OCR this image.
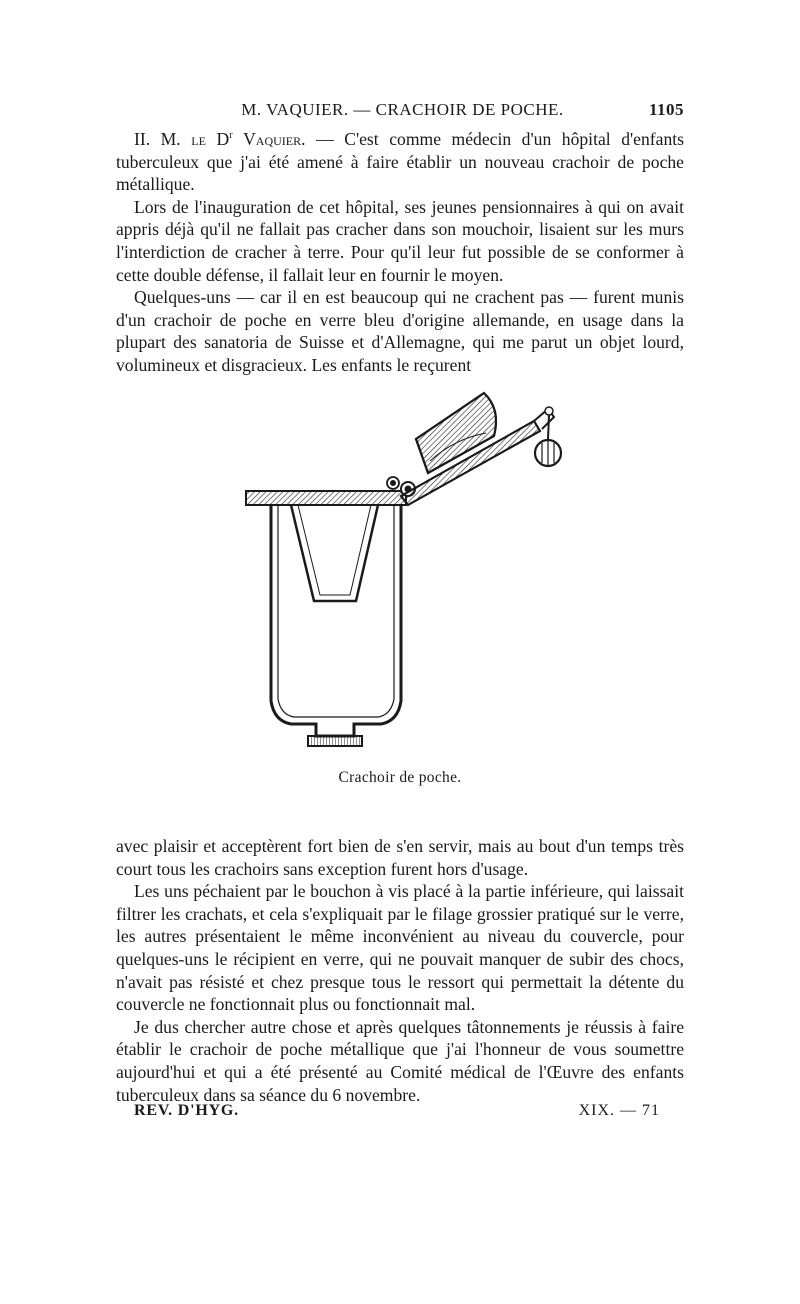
M. VAQUIER. — CRACHOIR DE POCHE.	1105

II. M. le $D^r$ Vaquier. — C'est comme médecin d'un hôpital d'enfants tuberculeux que j'ai été amené à faire établir un nouveau crachoir de poche métallique.

Lors de l'inauguration de cet hôpital, ses jeunes pensionnaires à qui on avait appris déjà qu'il ne fallait pas cracher dans son mouchoir, lisaient sur les murs l'interdiction de cracher à terre. Pour qu'il leur fut possible de se conformer à cette double défense, il fallait leur en fournir le moyen.

Quelques-uns — car il en est beaucoup qui ne crachent pas — furent munis d'un crachoir de poche en verre bleu d'origine allemande, en usage dans la plupart des sanatoria de Suisse et d'Allemagne, qui me parut un objet lourd, volumineux et disgracieux. Les enfants le reçurent

Crachoir de poche.

avec plaisir et acceptèrent fort bien de s'en servir, mais au bout d'un temps très court tous les crachoirs sans exception furent hors d'usage.

Les uns péchaient par le bouchon à vis placé à la partie inférieure, qui laissait filtrer les crachats, et cela s'expliquait par le filage grossier pratiqué sur le verre, les autres présentaient le même inconvénient au niveau du couvercle, pour quelques-uns le récipient en verre, qui ne pouvait manquer de subir des chocs, n'avait pas résisté et chez presque tous le ressort qui permettait la détente du couvercle ne fonctionnait plus ou fonctionnait mal.

Je dus chercher autre chose et après quelques tâtonnements je réussis à faire établir le crachoir de poche métallique que j'ai l'honneur de vous soumettre aujourd'hui et qui a été présenté au Comité médical de l'Œuvre des enfants tuberculeux dans sa séance du 6 novembre.

REV. D'HYG.	XIX. — 71
